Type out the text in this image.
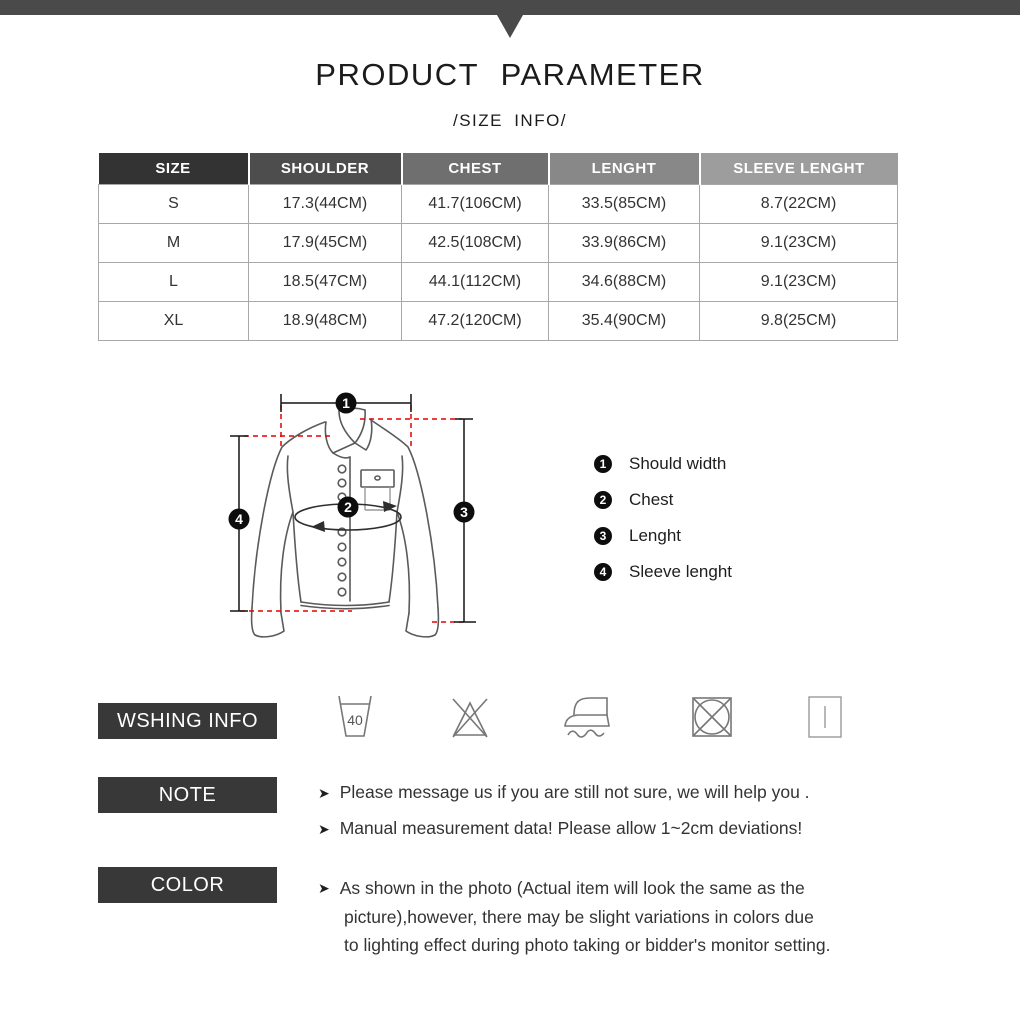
PRODUCT PARAMETER
/SIZE INFO/
SIZE	SHOULDER	CHEST	LENGHT	SLEEVE LENGHT
S	17.3(44CM)	41.7(106CM)	33.5(85CM)	8.7(22CM)
M	17.9(45CM)	42.5(108CM)	33.9(86CM)	9.1(23CM)
L	18.5(47CM)	44.1(112CM)	34.6(88CM)	9.1(23CM)
XL	18.9(48CM)	47.2(120CM)	35.4(90CM)	9.8(25CM)
1
2	3
4
1	Should width
2	Chest
3	Lenght
4	Sleeve lenght
WSHING INFO	40
NOTE	➤ Please message us if you are still not sure, we will help you .
➤ Manual measurement data! Please allow 1~2cm deviations!
COLOR	➤ As shown in the photo (Actual item will look the same as the
picture),however, there may be slight variations in colors due
to lighting effect during photo taking or bidder's monitor setting.
